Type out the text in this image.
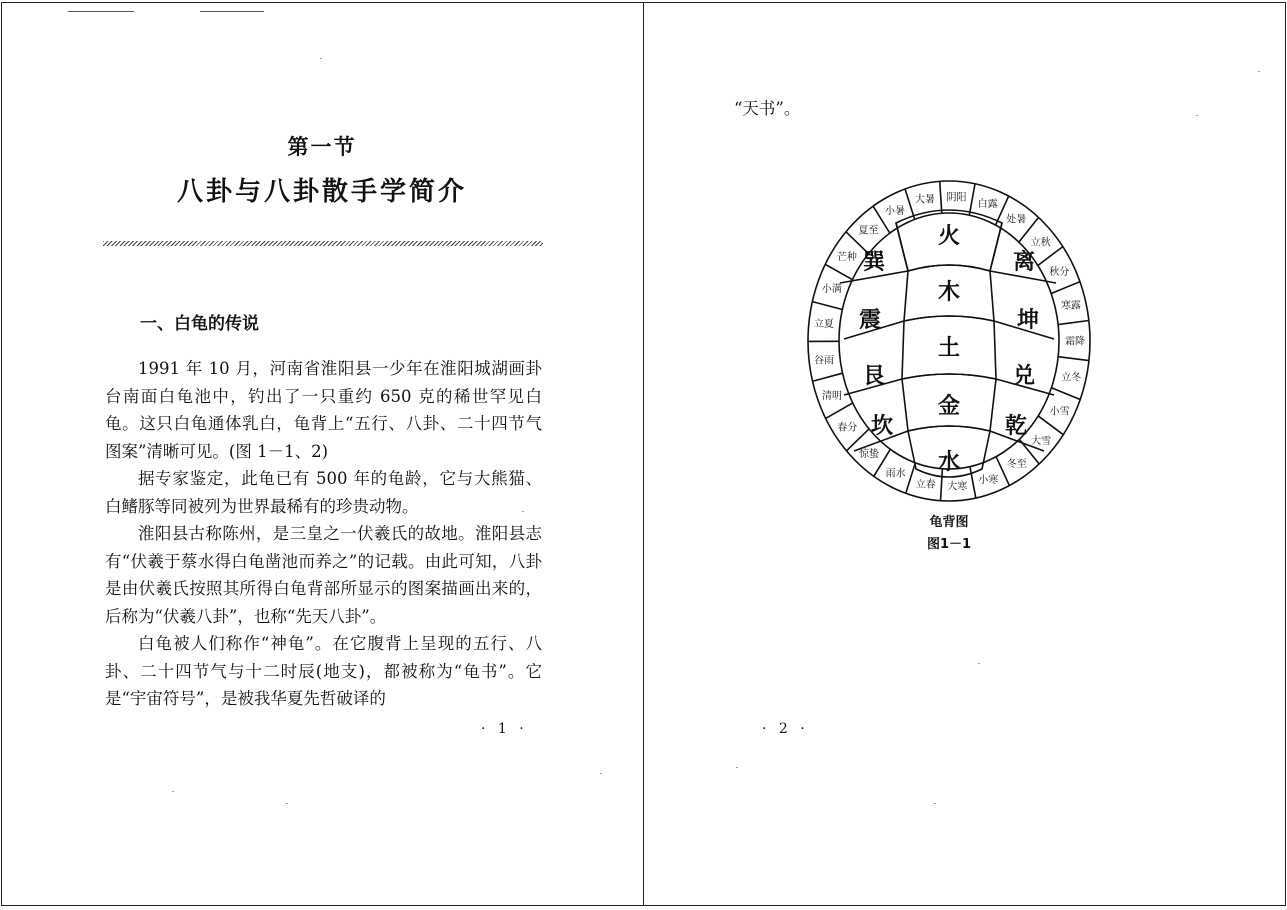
第一节
八卦与八卦散手学简介
一、白龟的传说

1991 年 10 月，河南省淮阳县一少年在淮阳城湖画卦台南面白龟池中，钓出了一只重约 650 克的稀世罕见白龟。这只白龟通体乳白，龟背上“五行、八卦、二十四节气图案”清晰可见。(图 1－1、2)

据专家鉴定，此龟已有 500 年的龟龄，它与大熊猫、白鳍豚等同被列为世界最稀有的珍贵动物。

淮阳县古称陈州，是三皇之一伏羲氏的故地。淮阳县志有“伏羲于蔡水得白龟凿池而养之”的记载。由此可知，八卦是由伏羲氏按照其所得白龟背部所显示的图案描画出来的，后称为“伏羲八卦”，也称“先天八卦”。

白龟被人们称作“神龟”。在它腹背上呈现的五行、八卦、二十四节气与十二时辰(地支)，都被称为“龟书”。它是“宇宙符号”，是被我华夏先哲破译的

· 1 ·
“天书”。
火
木
土
金
水
巽
震
艮
坎
离
坤
兑
乾
阴阳
白露
处暑
立秋
秋分
寒露
霜降
立冬
小雪
大雪
冬至
小寒
大寒
立春
雨水
惊蛰
春分
清明
谷雨
立夏
小满
芒种
夏至
小暑
大暑
龟背图
图1－1
· 2 ·
